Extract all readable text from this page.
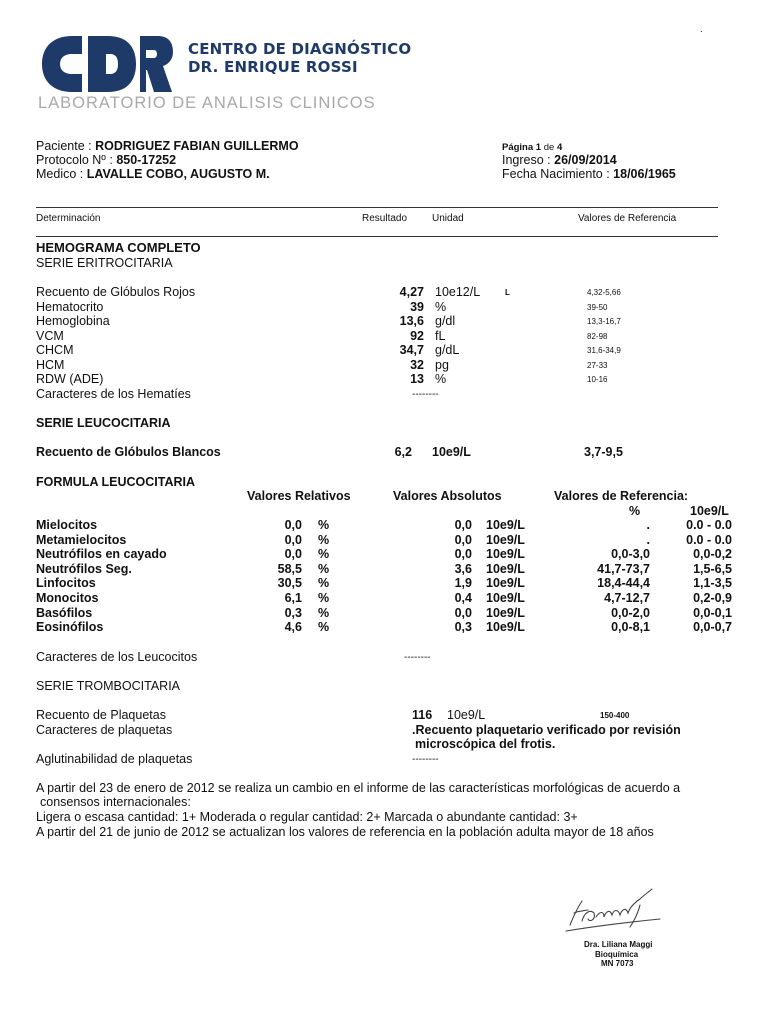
CENTRO DE DIAGNÓSTICO
DR. ENRIQUE ROSSI
LABORATORIO DE ANALISIS CLINICOS
.
Paciente : RODRIGUEZ FABIAN GUILLERMO
Protocolo Nº : 850-17252
Medico : LAVALLE COBO, AUGUSTO M.
Página 1 de 4
Ingreso : 26/09/2014
Fecha Nacimiento : 18/06/1965
Determinación	Resultado Unidad	Valores de Referencia
HEMOGRAMA COMPLETO
SERIE ERITROCITARIA
Recuento de Glóbulos Rojos	4,27 10e12/L	L	4,32-5,66
Hematocrito	39 %	39-50
Hemoglobina	13,6 g/dl	13,3-16,7
VCM	92 fL	82-98
CHCM	34,7 g/dL	31,6-34,9
HCM	32 pg	27-33
RDW (ADE)	13 %	10-16
Caracteres de los Hematíes	--------
SERIE LEUCOCITARIA
Recuento de Glóbulos Blancos	6,2 10e9/L	3,7-9,5
FORMULA LEUCOCITARIA
Valores Relativos	Valores Absolutos	Valores de Referencia:
%	10e9/L
Mielocitos	0,0 %	0,0 10e9/L	.	0.0 - 0.0
Metamielocitos	0,0 %	0,0 10e9/L	.	0.0 - 0.0
Neutrófilos en cayado	0,0 %	0,0 10e9/L	0,0-3,0	0,0-0,2
Neutrófilos Seg.	58,5 %	3,6 10e9/L	41,7-73,7	1,5-6,5
Linfocitos	30,5 %	1,9 10e9/L	18,4-44,4	1,1-3,5
Monocitos	6,1 %	0,4 10e9/L	4,7-12,7	0,2-0,9
Basófilos	0,3 %	0,0 10e9/L	0,0-2,0	0,0-0,1
Eosinófilos	4,6 %	0,3 10e9/L	0,0-8,1	0,0-0,7
Caracteres de los Leucocitos	--------
SERIE TROMBOCITARIA
Recuento de Plaquetas	116 10e9/L	150-400
Caracteres de plaquetas	.Recuento plaquetario verificado por revisión
microscópica del frotis.
Aglutinabilidad de plaquetas	--------
A partir del 23 de enero de 2012 se realiza un cambio en el informe de las características morfológicas de acuerdo a
consensos internacionales:
Ligera o escasa cantidad: 1+ Moderada o regular cantidad: 2+ Marcada o abundante cantidad: 3+
A partir del 21 de junio de 2012 se actualizan los valores de referencia en la población adulta mayor de 18 años
Dra. Liliana Maggi
Bioquímica
MN 7073
